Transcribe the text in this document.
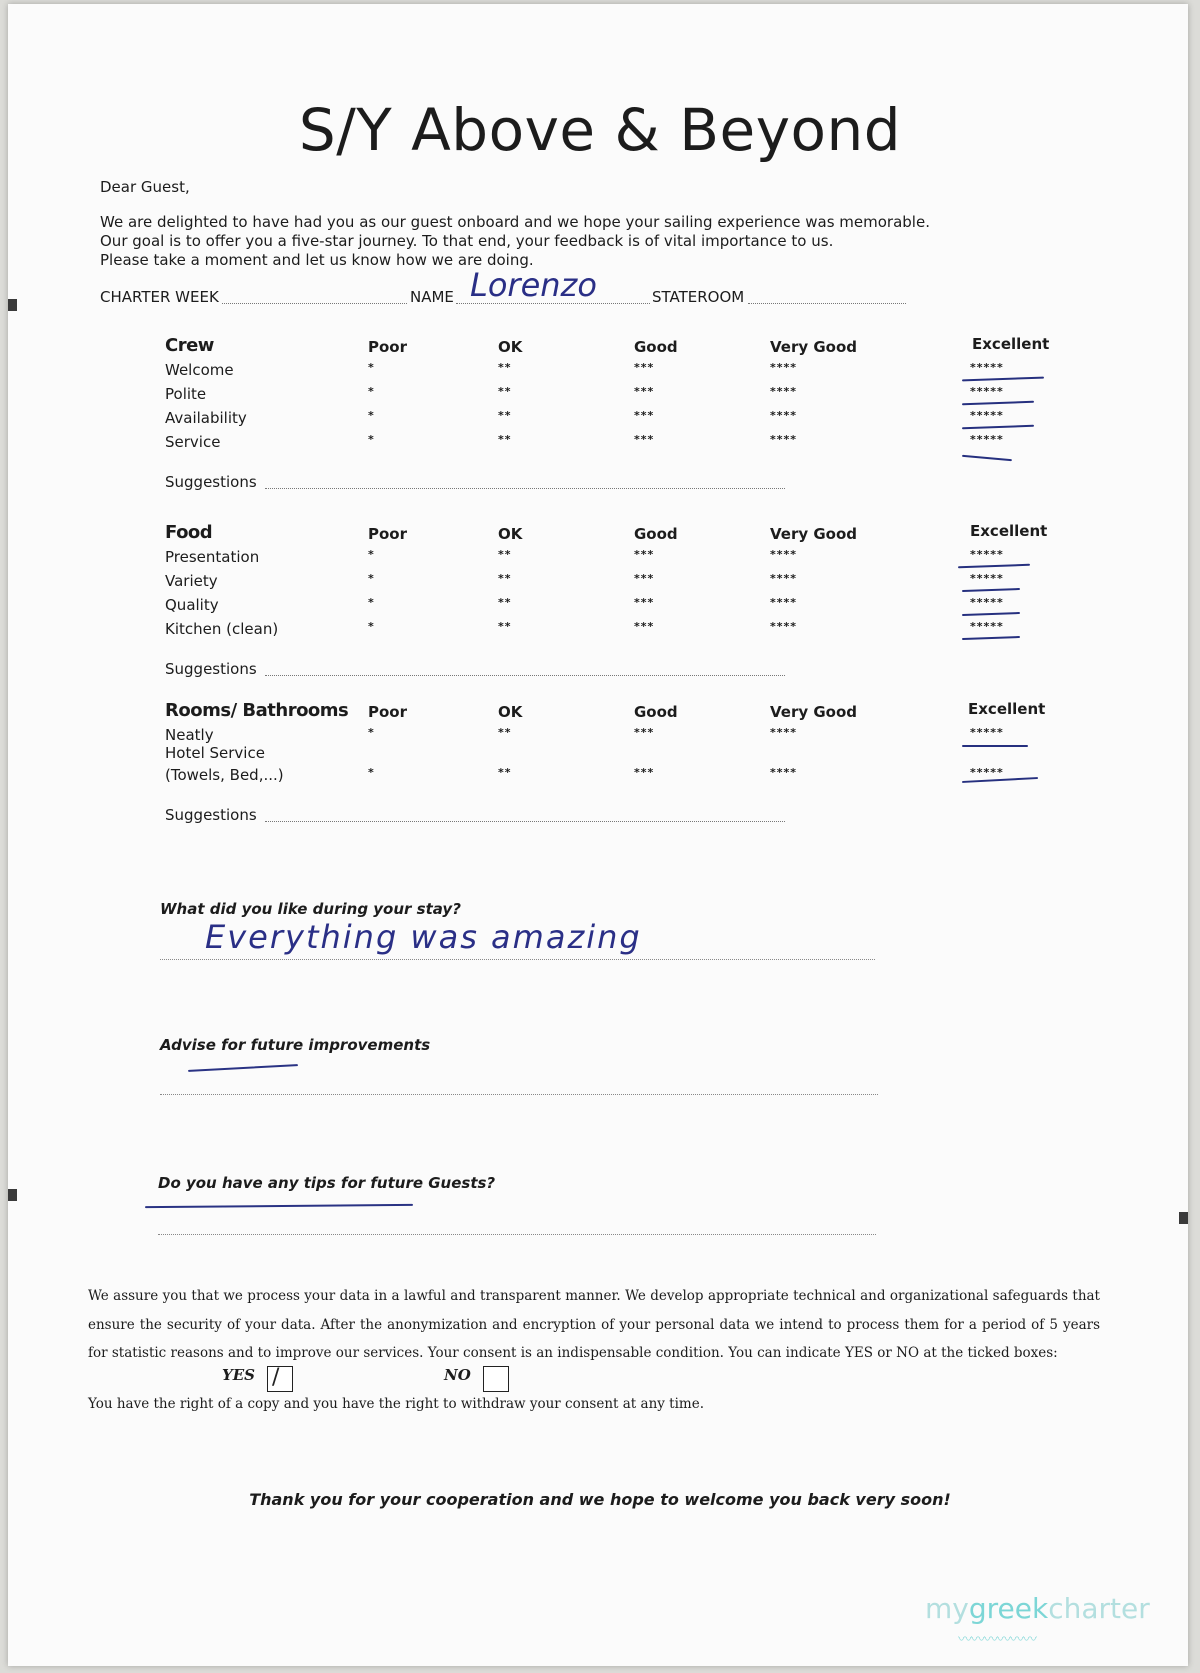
S/Y Above & Beyond
Dear Guest,
We are delighted to have had you as our guest onboard and we hope your sailing experience was memorable.
Our goal is to offer you a five-star journey. To that end, your feedback is of vital importance to us.
Please take a moment and let us know how we are doing.
CHARTER WEEK	NAME Lorenzo	STATEROOM
Crew	Poor	OK	Good	Very Good	Excellent
Welcome	*	**	***	****	*****
Polite	*	**	***	****	*****
Availability	*	**	***	****	*****
Service	*	**	***	****	*****
Suggestions
Food	Poor	OK	Good	Very Good	Excellent
Presentation	*	**	***	****	*****
Variety	*	**	***	****	*****
Quality	*	**	***	****	*****
Kitchen (clean)	*	**	***	****	*****
Suggestions
Rooms/ Bathrooms Poor	OK	Good	Very Good	Excellent
Neatly	*	**	***	****	*****
Hotel Service
(Towels, Bed,...)	*	**	***	****	*****
Suggestions
What did you like during your stay?
Everything was amazing
Advise for future improvements
Do you have any tips for future Guests?
We assure you that we process your data in a lawful and transparent manner. We develop appropriate technical and organizational safeguards that ensure the security of your data. After the anonymization and encryption of your personal data we intend to process them for a period of 5 years for statistic reasons and to improve our services. Your consent is an indispensable condition. You can indicate YES or NO at the ticked boxes:
YES /	NO
You have the right of a copy and you have the right to withdraw your consent at any time.
Thank you for your cooperation and we hope to welcome you back very soon!
mygreekcharter
〰〰〰〰〰〰
